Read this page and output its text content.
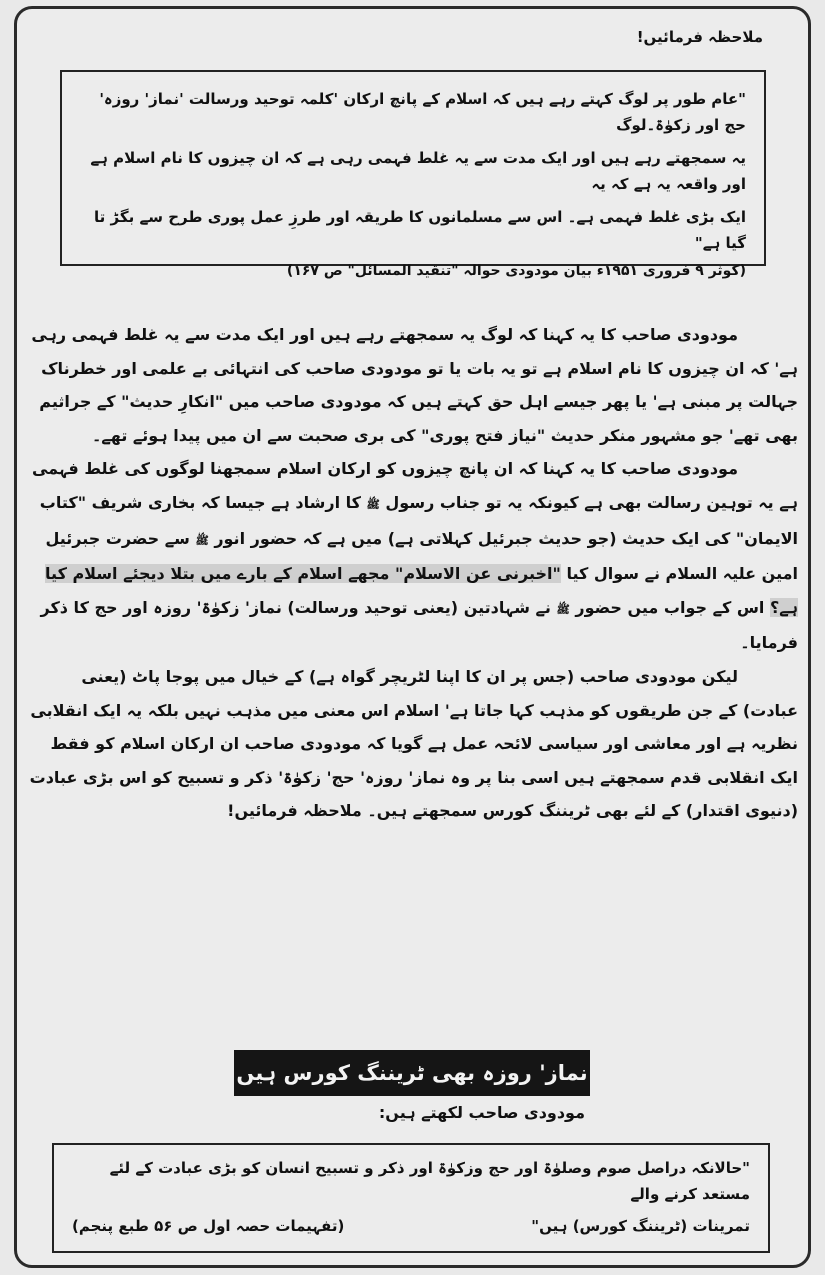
ملاحظہ فرمائیں!

"عام طور پر لوگ کہتے رہے ہیں کہ اسلام کے پانچ ارکان 'کلمہ توحید ورسالت 'نماز' روزہ' حج اور زکوٰۃ۔لوگ

یہ سمجھتے رہے ہیں اور ایک مدت سے یہ غلط فہمی رہی ہے کہ ان چیزوں کا نام اسلام ہے اور واقعہ یہ ہے کہ یہ

ایک بڑی غلط فہمی ہے۔ اس سے مسلمانوں کا طریقہ اور طرزِ عمل پوری طرح سے بگڑ تا گیا ہے"

(کوثر ۹ فروری ۱۹۵۱ء بیان مودودی حوالہ "تنقید المسائل" ص ۱۶۷)

مودودی صاحب کا یہ کہنا کہ لوگ یہ سمجھتے رہے ہیں اور ایک مدت سے یہ غلط فہمی رہی ہے' کہ ان چیزوں کا نام اسلام ہے تو یہ بات یا تو مودودی صاحب کی انتہائی بے علمی اور خطرناک جہالت پر مبنی ہے' یا پھر جیسے اہل حق کہتے ہیں کہ مودودی صاحب میں "انکارِ حدیث" کے جراثیم بھی تھے' جو مشہور منکر حدیث "نیاز فتح پوری" کی بری صحبت سے ان میں پیدا ہوئے تھے۔

مودودی صاحب کا یہ کہنا کہ ان پانچ چیزوں کو ارکان اسلام سمجھنا لوگوں کی غلط فہمی ہے یہ توہین رسالت بھی ہے کیونکہ یہ تو جناب رسول ﷺ کا ارشاد ہے جیسا کہ بخاری شریف "کتاب الایمان" کی ایک حدیث (جو حدیث جبرئیل کہلاتی ہے) میں ہے کہ حضور انور ﷺ سے حضرت جبرئیل امین علیہ السلام نے سوال کیا "اخبرنی عن الاسلام" مجھے اسلام کے بارے میں بتلا دیجئے اسلام کیا ہے؟ اس کے جواب میں حضور ﷺ نے شہادتین (یعنی توحید ورسالت) نماز' زکوٰۃ' روزہ اور حج کا ذکر فرمایا۔

لیکن مودودی صاحب (جس پر ان کا اپنا لٹریچر گواہ ہے) کے خیال میں پوجا پاٹ (یعنی عبادت) کے جن طریقوں کو مذہب کہا جاتا ہے' اسلام اس معنی میں مذہب نہیں بلکہ یہ ایک انقلابی نظریہ ہے اور معاشی اور سیاسی لائحہ عمل ہے گویا کہ مودودی صاحب ان ارکان اسلام کو فقط ایک انقلابی قدم سمجھتے ہیں اسی بنا پر وہ نماز' روزہ' حج' زکوٰۃ' ذکر و تسبیح کو اس بڑی عبادت (دنیوی اقتدار) کے لئے بھی ٹریننگ کورس سمجھتے ہیں۔ ملاحظہ فرمائیں!

نماز' روزہ بھی ٹریننگ کورس ہیں
مودودی صاحب لکھتے ہیں:

"حالانکہ دراصل صوم وصلوٰۃ اور حج وزکوٰۃ اور ذکر و تسبیح انسان کو بڑی عبادت کے لئے مستعد کرنے والے

تمرینات (ٹریننگ کورس) ہیں"

(تفہیمات حصہ اول ص ۵۶ طبع پنجم)
